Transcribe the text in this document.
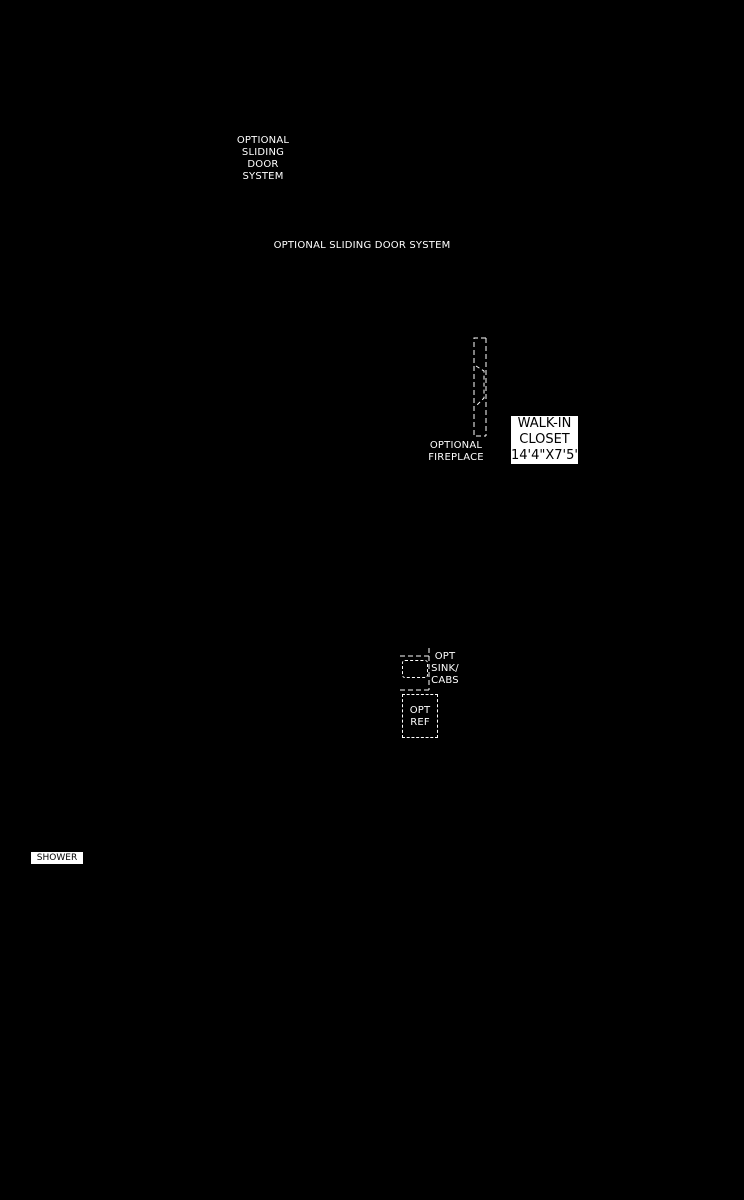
OPTIONAL
SLIDING
DOOR
SYSTEM
OPTIONAL SLIDING DOOR SYSTEM
OPTIONAL
FIREPLACE
WALK-IN
CLOSET
14'4"X7'5"
OPT
SINK/
CABS
OPT
REF
SHOWER
